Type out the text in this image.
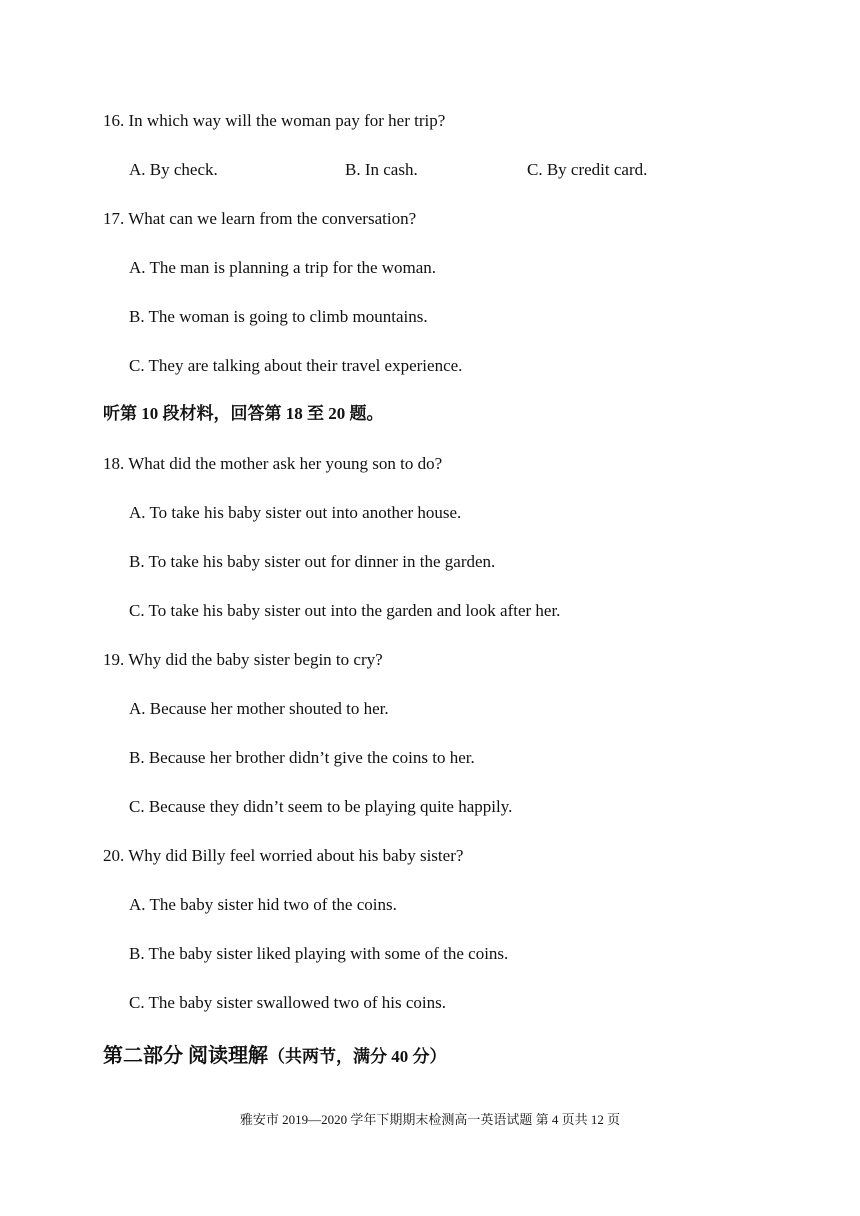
16. In which way will the woman pay for her trip?
A. By check.	B. In cash.	C. By credit card.
17. What can we learn from the conversation?
A. The man is planning a trip for the woman.
B. The woman is going to climb mountains.
C. They are talking about their travel experience.
听第 10 段材料，回答第 18 至 20 题。
18. What did the mother ask her young son to do?
A. To take his baby sister out into another house.
B. To take his baby sister out for dinner in the garden.
C. To take his baby sister out into the garden and look after her.
19. Why did the baby sister begin to cry?
A. Because her mother shouted to her.
B. Because her brother didn’t give the coins to her.
C. Because they didn’t seem to be playing quite happily.
20. Why did Billy feel worried about his baby sister?
A. The baby sister hid two of the coins.
B. The baby sister liked playing with some of the coins.
C. The baby sister swallowed two of his coins.
第二部分 阅读理解（共两节，满分 40 分）
雅安市 2019—2020 学年下期期末检测高一英语试题 第 4 页共 12 页
